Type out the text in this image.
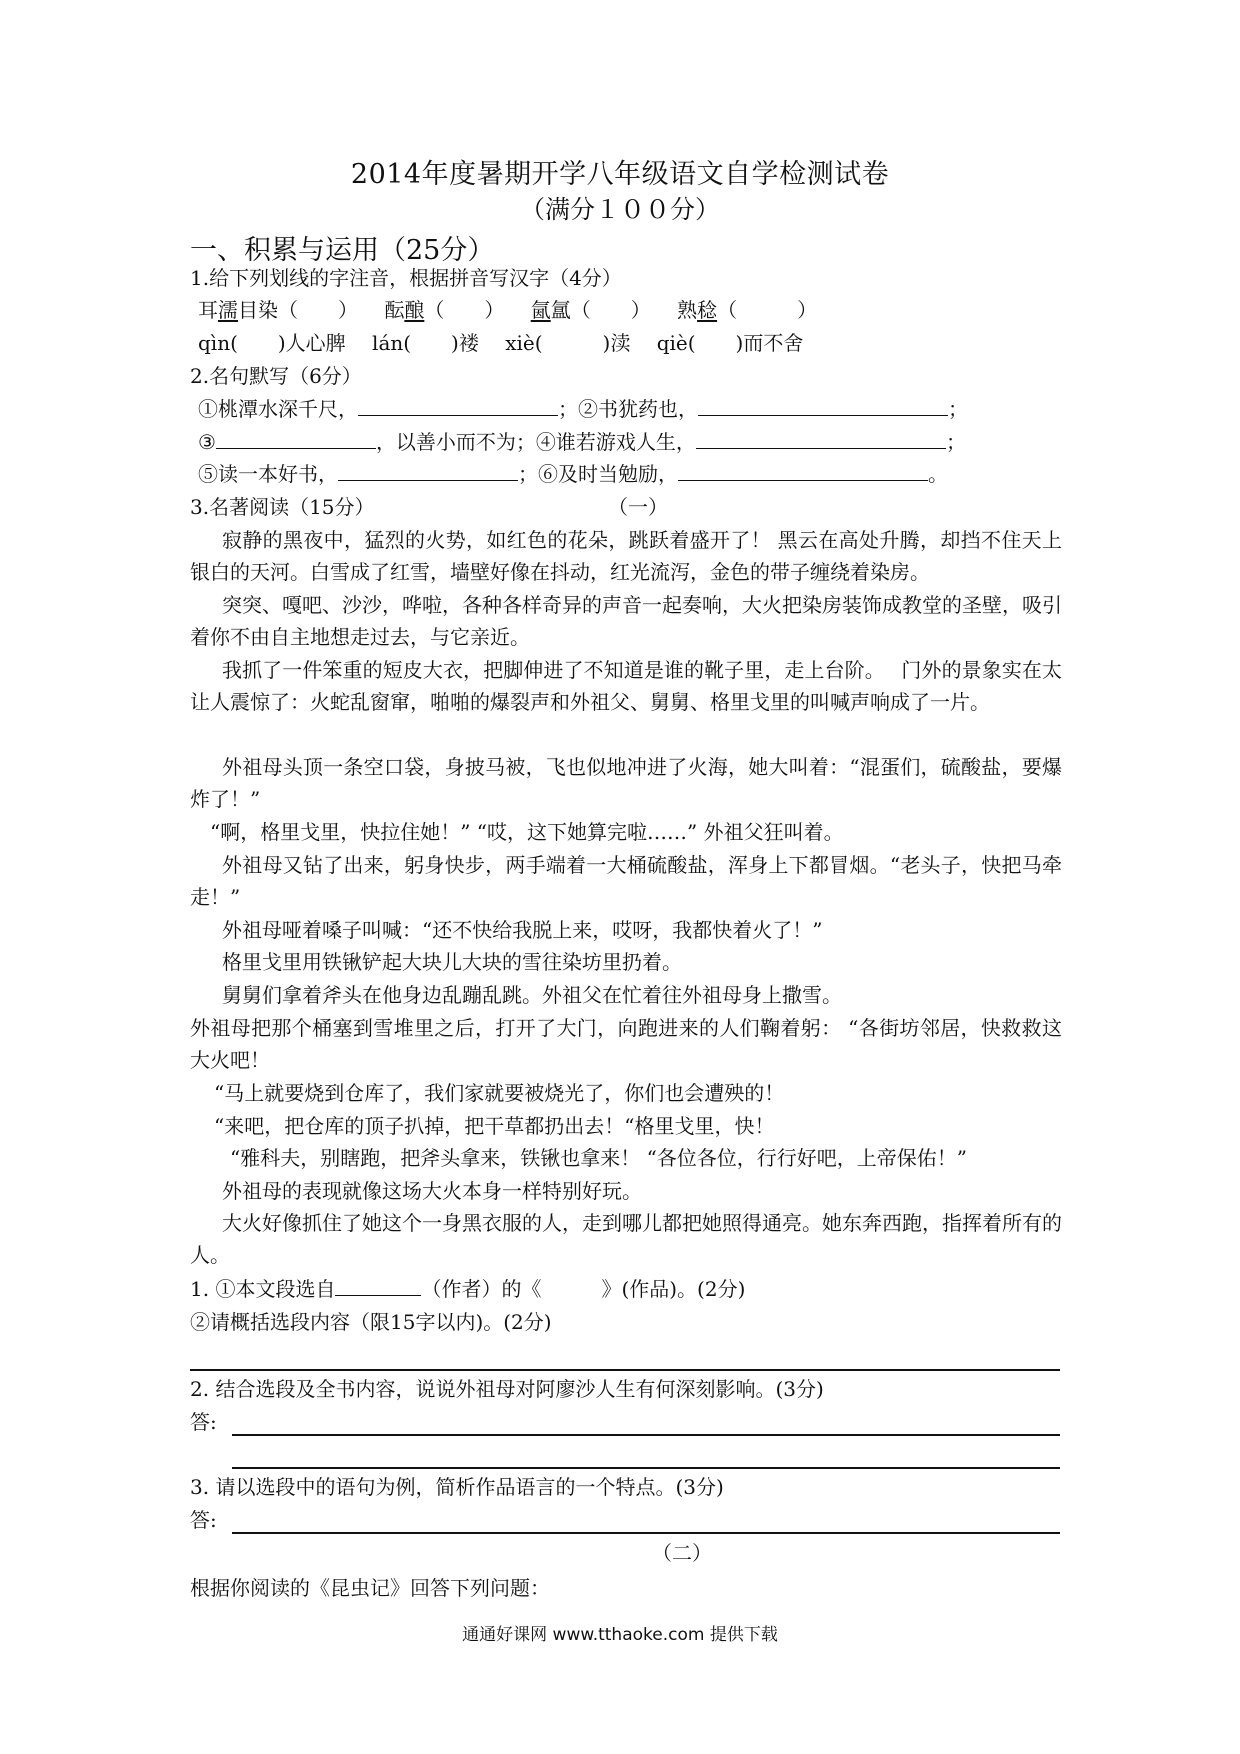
2014年度暑期开学八年级语文自学检测试卷
（满分１００分）
一、积累与运用（25分）
1.给下列划线的字注音，根据拼音写汉字（4分）
耳濡目染（　　） 酝酿（　　） 氤氲（　　） 熟稔（　　　）
qìn(　　)人心脾 lán(　　)褛 xiè(　　　)渎 qiè(　　)而不舍
2.名句默写（6分）
①桃潭水深千尺，	；②书犹药也，	；
③	，以善小而不为；④谁若游戏人生，	；
⑤读一本好书，	；⑥及时当勉励，	。
3.名著阅读（15分）	（一）
寂静的黑夜中，猛烈的火势，如红色的花朵，跳跃着盛开了！ 黑云在高处升腾，却挡不住天上银白的天河。白雪成了红雪，墙壁好像在抖动，红光流泻，金色的带子缠绕着染房。
突突、嘎吧、沙沙，哗啦，各种各样奇异的声音一起奏响，大火把染房装饰成教堂的圣壁，吸引着你不由自主地想走过去，与它亲近。
我抓了一件笨重的短皮大衣，把脚伸进了不知道是谁的靴子里，走上台阶。　 门外的景象实在太让人震惊了：火蛇乱窗窜，啪啪的爆裂声和外祖父、舅舅、格里戈里的叫喊声响成了一片。
外祖母头顶一条空口袋，身披马被，飞也似地冲进了火海，她大叫着：“混蛋们，硫酸盐，要爆炸了！”
“啊，格里戈里，快拉住她！” “哎，这下她算完啦……” 外祖父狂叫着。
外祖母又钻了出来，躬身快步，两手端着一大桶硫酸盐，浑身上下都冒烟。“老头子，快把马牵走！”
外祖母哑着嗓子叫喊：“还不快给我脱上来，哎呀，我都快着火了！”
格里戈里用铁锹铲起大块儿大块的雪往染坊里扔着。
舅舅们拿着斧头在他身边乱蹦乱跳。外祖父在忙着往外祖母身上撒雪。
外祖母把那个桶塞到雪堆里之后，打开了大门，向跑进来的人们鞠着躬： “各街坊邻居，快救救这大火吧！
“马上就要烧到仓库了，我们家就要被烧光了，你们也会遭殃的！
“来吧，把仓库的顶子扒掉，把干草都扔出去！“格里戈里，快！
“雅科夫，别瞎跑，把斧头拿来，铁锹也拿来！ “各位各位，行行好吧，上帝保佑！”
外祖母的表现就像这场大火本身一样特别好玩。
大火好像抓住了她这个一身黑衣服的人，走到哪儿都把她照得通亮。她东奔西跑，指挥着所有的人。
1. ①本文段选自	（作者）的《　　　》(作品)。(2分)
②请概括选段内容（限15字以内)。(2分)
2. 结合选段及全书内容，说说外祖母对阿廖沙人生有何深刻影响。(3分)
答:
3. 请以选段中的语句为例，简析作品语言的一个特点。(3分)
答:
（二）
根据你阅读的《昆虫记》回答下列问题：
通通好课网 www.tthaoke.com 提供下载
